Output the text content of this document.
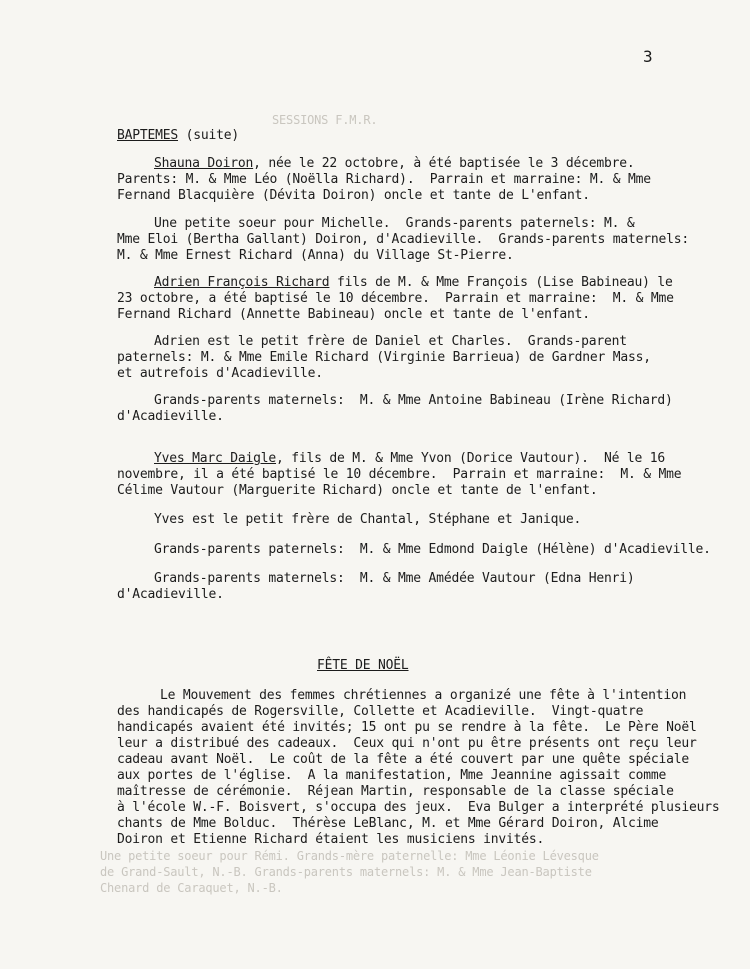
SESSIONS F.M.R.
Une petite soeur pour Rémi. Grands-mère paternelle: Mme Léonie Lévesque
de Grand-Sault, N.-B. Grands-parents maternels: M. & Mme Jean-Baptiste
Chenard de Caraquet, N.-B.
3
BAPTEMES (suite)
Shauna Doiron, née le 22 octobre, à été baptisée le 3 décembre.
Parents: M. & Mme Léo (Noëlla Richard).  Parrain et marraine: M. & Mme
Fernand Blacquière (Dévita Doiron) oncle et tante de L'enfant.
Une petite soeur pour Michelle.  Grands-parents paternels: M. &
Mme Eloi (Bertha Gallant) Doiron, d'Acadieville.  Grands-parents maternels:
M. & Mme Ernest Richard (Anna) du Village St-Pierre.
Adrien François Richard fils de M. & Mme François (Lise Babineau) le
23 octobre, a été baptisé le 10 décembre.  Parrain et marraine:  M. & Mme
Fernand Richard (Annette Babineau) oncle et tante de l'enfant.
Adrien est le petit frère de Daniel et Charles.  Grands-parent
paternels: M. & Mme Emile Richard (Virginie Barrieua) de Gardner Mass,
et autrefois d'Acadieville.
Grands-parents maternels:  M. & Mme Antoine Babineau (Irène Richard)
d'Acadieville.
Yves Marc Daigle, fils de M. & Mme Yvon (Dorice Vautour).  Né le 16
novembre, il a été baptisé le 10 décembre.  Parrain et marraine:  M. & Mme
Célime Vautour (Marguerite Richard) oncle et tante de l'enfant.
Yves est le petit frère de Chantal, Stéphane et Janique.
Grands-parents paternels:  M. & Mme Edmond Daigle (Hélène) d'Acadieville.
Grands-parents maternels:  M. & Mme Amédée Vautour (Edna Henri)
d'Acadieville.
FÊTE DE NOËL
Le Mouvement des femmes chrétiennes a organizé une fête à l'intention
des handicapés de Rogersville, Collette et Acadieville.  Vingt-quatre
handicapés avaient été invités; 15 ont pu se rendre à la fête.  Le Père Noël
leur a distribué des cadeaux.  Ceux qui n'ont pu être présents ont reçu leur
cadeau avant Noël.  Le coût de la fête a été couvert par une quête spéciale
aux portes de l'église.  A la manifestation, Mme Jeannine agissait comme
maîtresse de cérémonie.  Réjean Martin, responsable de la classe spéciale
à l'école W.-F. Boisvert, s'occupa des jeux.  Eva Bulger a interprété plusieurs
chants de Mme Bolduc.  Thérèse LeBlanc, M. et Mme Gérard Doiron, Alcime
Doiron et Etienne Richard étaient les musiciens invités.
